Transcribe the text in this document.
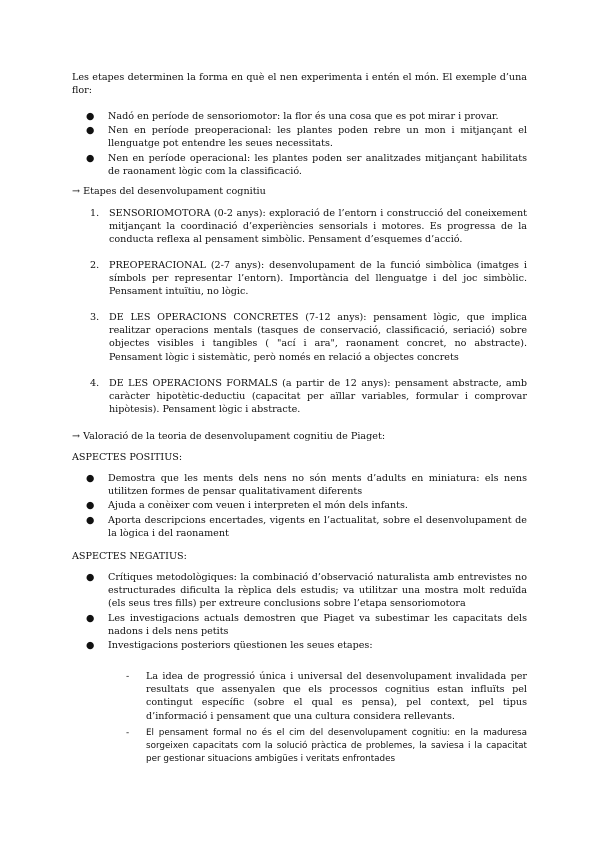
Les etapes determinen la forma en què el nen experimenta i entén el món. El exemple d’una flor:
● Nadó en període de sensoriomotor: la flor és una cosa que es pot mirar i provar.
● Nen en període preoperacional: les plantes poden rebre un mon i mitjançant el llenguatge pot entendre les seues necessitats.
● Nen en període operacional: les plantes poden ser analitzades mitjançant habilitats de raonament lògic com la classificació.
→ Etapes del desenvolupament cognitiu
1. SENSORIOMOTORA (0-2 anys): exploració de l’entorn i construcció del coneixement mitjançant la coordinació d’experiències sensorials i motores. Es progressa de la conducta reflexa al pensament simbòlic. Pensament d’esquemes d’acció.
2. PREOPERACIONAL (2-7 anys): desenvolupament de la funció simbòlica (imatges i símbols per representar l’entorn). Importància del llenguatge i del joc simbòlic. Pensament intuïtiu, no lògic.
3. DE LES OPERACIONS CONCRETES (7-12 anys): pensament lògic, que implica realitzar operacions mentals (tasques de conservació, classificació, seriació) sobre objectes visibles i tangibles ( "ací i ara", raonament concret, no abstracte). Pensament lògic i sistemàtic, però només en relació a objectes concrets
4. DE LES OPERACIONS FORMALS (a partir de 12 anys): pensament abstracte, amb caràcter hipotètic-deductiu (capacitat per aïllar variables, formular i comprovar hipòtesis). Pensament lògic i abstracte.
→ Valoració de la teoria de desenvolupament cognitiu de Piaget:
ASPECTES POSITIUS:
● Demostra que les ments dels nens no són ments d’adults en miniatura: els nens utilitzen formes de pensar qualitativament diferents
● Ajuda a conèixer com veuen i interpreten el món dels infants.
● Aporta descripcions encertades, vigents en l’actualitat, sobre el desenvolupament de la lògica i del raonament
ASPECTES NEGATIUS:
● Crítiques metodològiques: la combinació d’observació naturalista amb entrevistes no estructurades dificulta la rèplica dels estudis; va utilitzar una mostra molt reduïda (els seus tres fills) per extreure conclusions sobre l’etapa sensoriomotora
● Les investigacions actuals demostren que Piaget va subestimar les capacitats dels nadons i dels nens petits
● Investigacions posteriors qüestionen les seues etapes:
- La idea de progressió única i universal del desenvolupament invalidada per resultats que assenyalen que els processos cognitius estan influïts pel contingut específic (sobre el qual es pensa), pel context, pel tipus d’informació i pensament que una cultura considera rellevants.
- El pensament formal no és el cim del desenvolupament cognitiu: en la maduresa sorgeixen capacitats com la solució pràctica de problemes, la saviesa i la capacitat per gestionar situacions ambigües i veritats enfrontades
